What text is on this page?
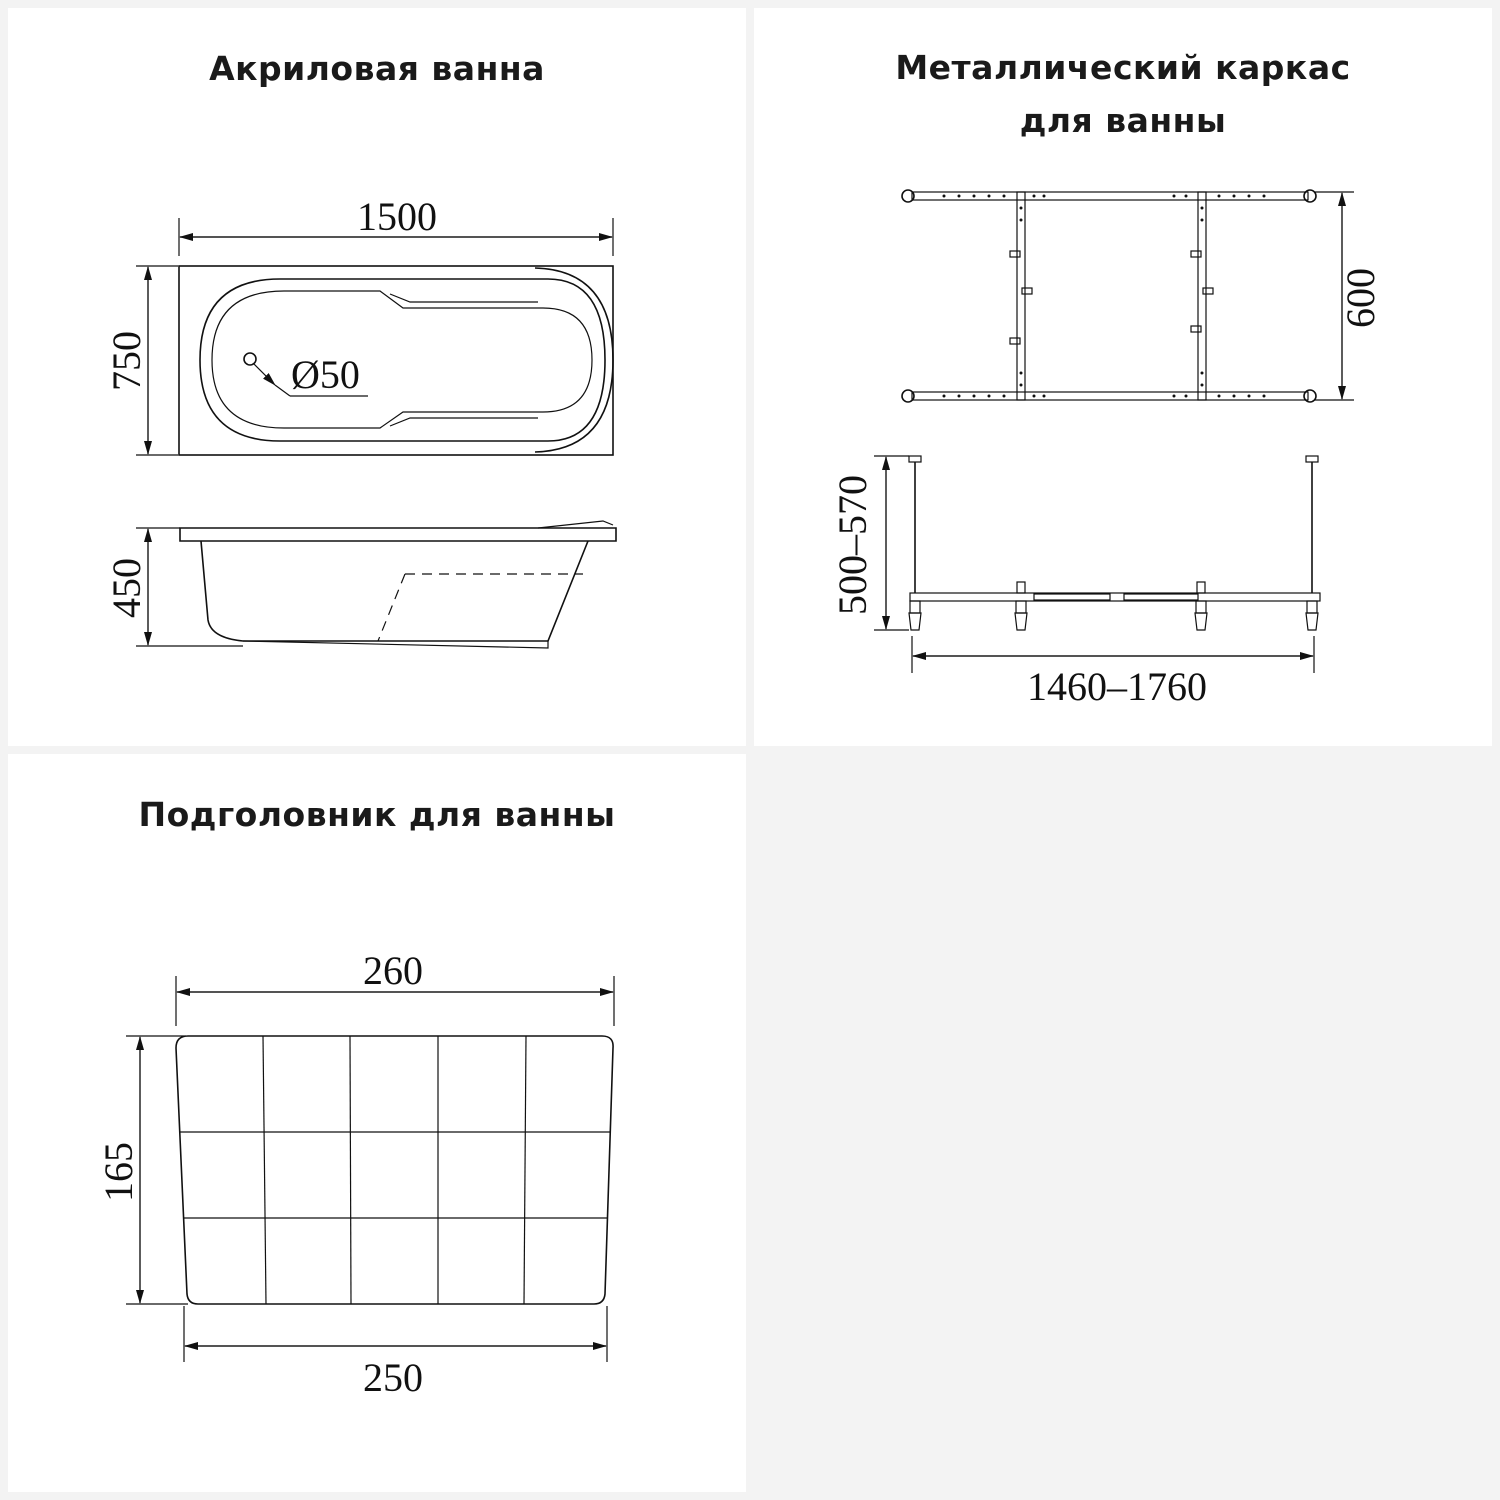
Акриловая ванна
1500
750	Ø50
450
Металлический каркас
для ванны
600
500–570
1460–1760
Подголовник для ванны
260
165
250
